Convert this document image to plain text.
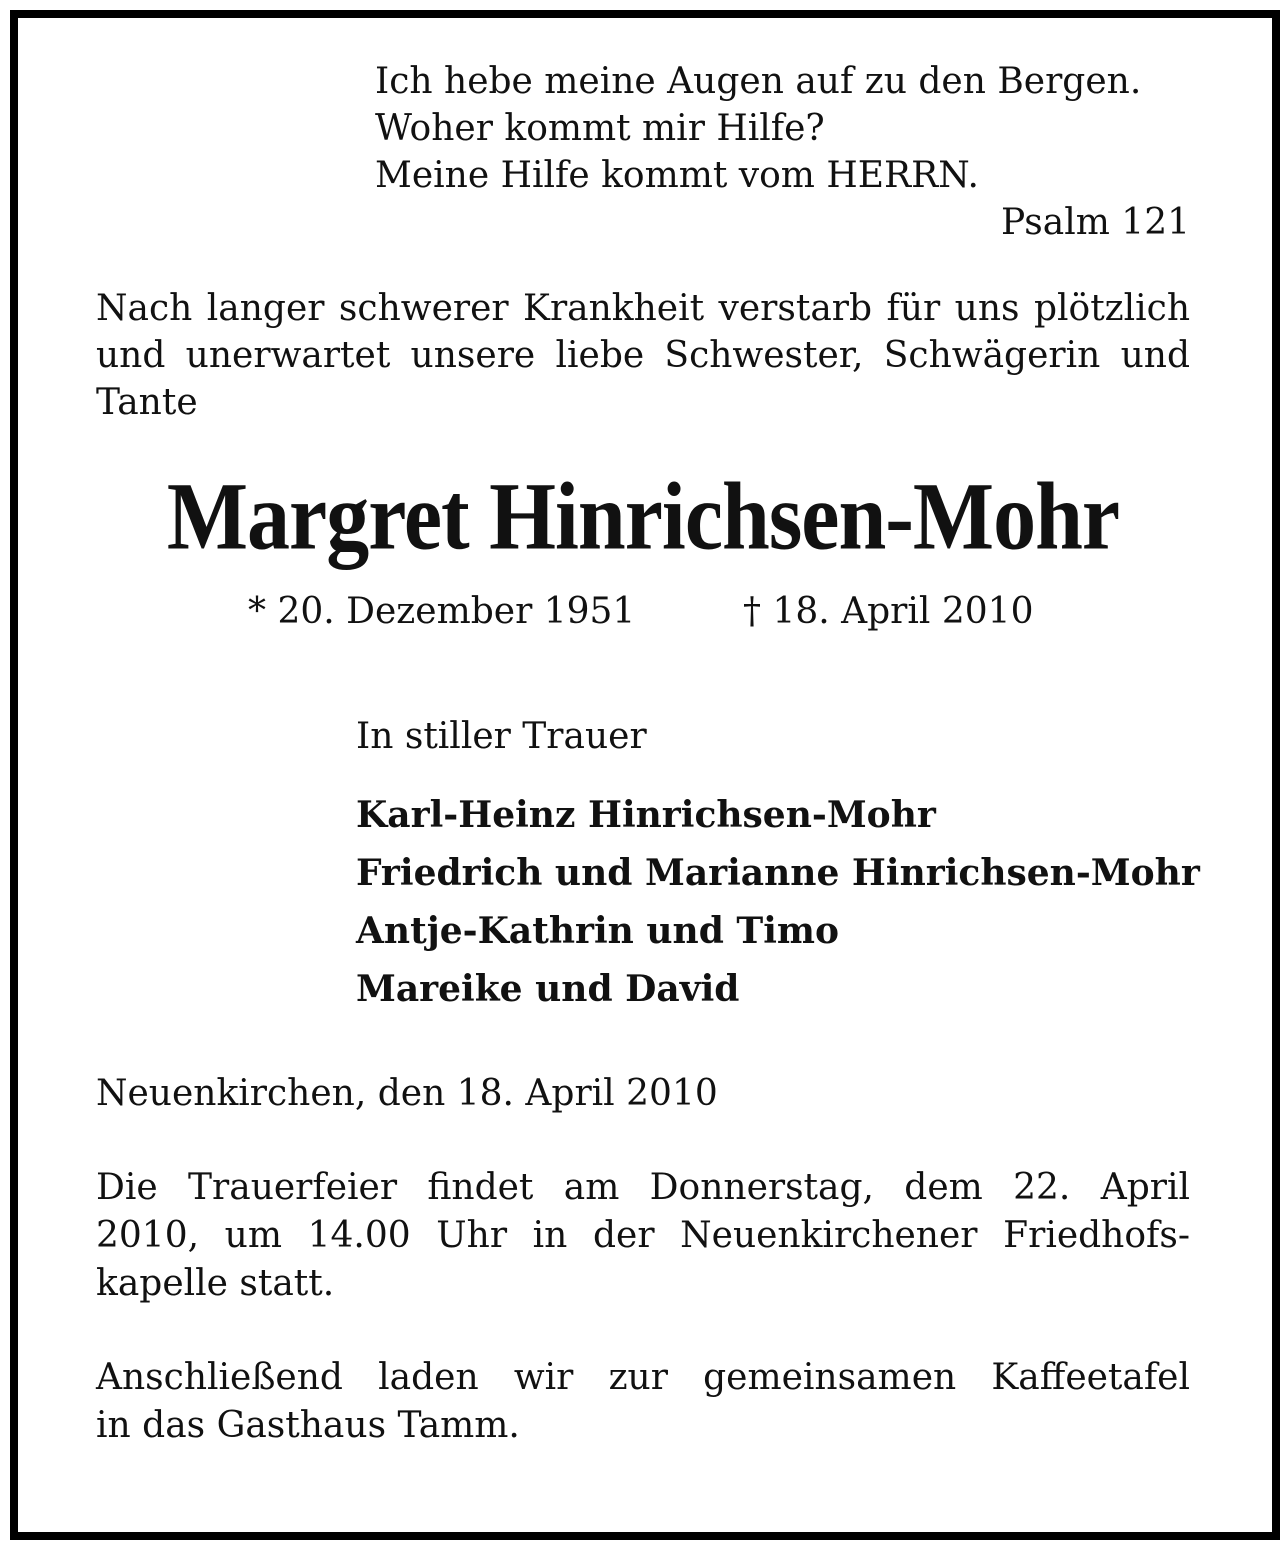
Ich hebe meine Augen auf zu den Bergen.
Woher kommt mir Hilfe?
Meine Hilfe kommt vom HERRN.
Psalm 121
Nach langer schwerer Krankheit verstarb für uns plötzlich und unerwartet unsere liebe Schwester, Schwägerin und Tante
Margret Hinrichsen-Mohr
* 20. Dezember 1951	† 18. April 2010
In stiller Trauer
Karl-Heinz Hinrichsen-Mohr
Friedrich und Marianne Hinrichsen-Mohr
Antje-Kathrin und Timo
Mareike und David
Neuenkirchen, den 18. April 2010
Die Trauerfeier findet am Donnerstag, dem 22. April
2010, um 14.00 Uhr in der Neuenkirchener Friedhofs-
kapelle statt.
Anschließend laden wir zur gemeinsamen Kaffeetafel
in das Gasthaus Tamm.
